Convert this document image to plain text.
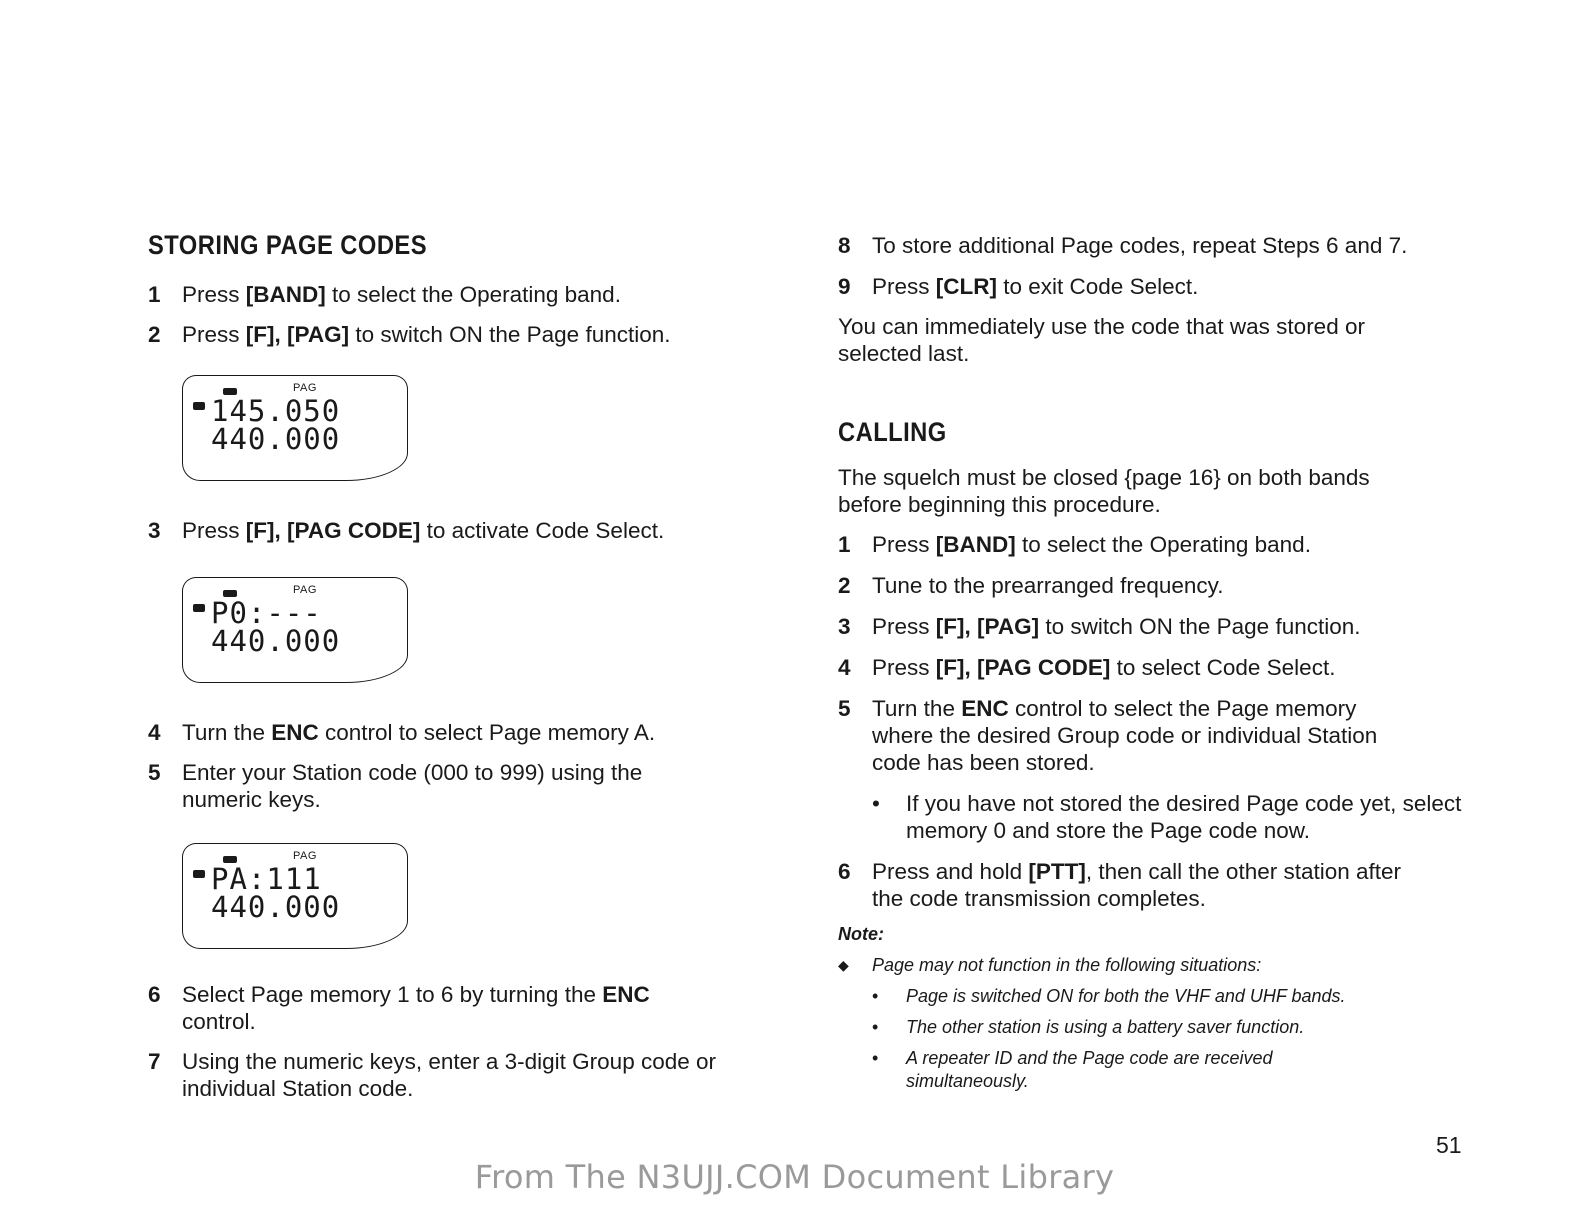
STORING PAGE CODES
1 Press [BAND] to select the Operating band.
2 Press [F], [PAG] to switch ON the Page function.
PAG
145.050
440.000
3 Press [F], [PAG CODE] to activate Code Select.
PAG
P0:---
440.000
4 Turn the ENC control to select Page memory A.
5 Enter your Station code (000 to 999) using the numeric keys.
PAG
PA:111
440.000
6 Select Page memory 1 to 6 by turning the ENC control.
7 Using the numeric keys, enter a 3-digit Group code or individual Station code.
8 To store additional Page codes, repeat Steps 6 and 7.
9 Press [CLR] to exit Code Select.
You can immediately use the code that was stored or selected last.
CALLING
The squelch must be closed {page 16} on both bands before beginning this procedure.
1 Press [BAND] to select the Operating band.
2 Tune to the prearranged frequency.
3 Press [F], [PAG] to switch ON the Page function.
4 Press [F], [PAG CODE] to select Code Select.
5 Turn the ENC control to select the Page memory where the desired Group code or individual Station code has been stored.
• If you have not stored the desired Page code yet, select memory 0 and store the Page code now.
6 Press and hold [PTT], then call the other station after the code transmission completes.
Note:
◆ Page may not function in the following situations:
• Page is switched ON for both the VHF and UHF bands.
• The other station is using a battery saver function.
• A repeater ID and the Page code are received simultaneously.
51
From The N3UJJ.COM Document Library
